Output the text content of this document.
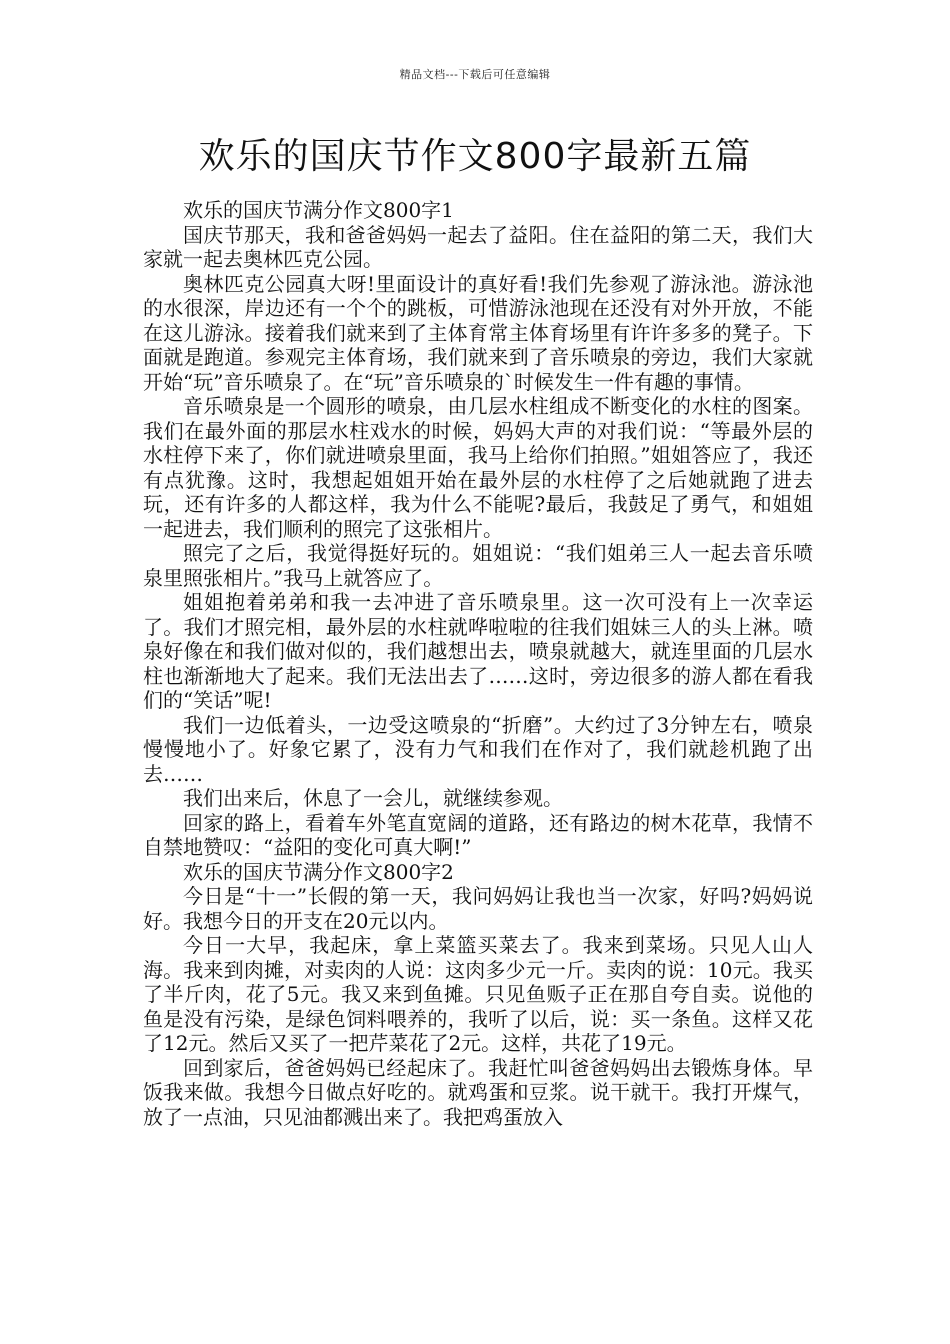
精品文档---下载后可任意编辑
欢乐的国庆节作文800字最新五篇

欢乐的国庆节满分作文800字1

国庆节那天，我和爸爸妈妈一起去了益阳。住在益阳的第二天，我们大家就一起去奥林匹克公园。

奥林匹克公园真大呀!里面设计的真好看!我们先参观了游泳池。游泳池的水很深，岸边还有一个个的跳板，可惜游泳池现在还没有对外开放，不能在这儿游泳。接着我们就来到了主体育常主体育场里有许许多多的凳子。下面就是跑道。参观完主体育场，我们就来到了音乐喷泉的旁边，我们大家就开始“玩”音乐喷泉了。在“玩”音乐喷泉的`时候发生一件有趣的事情。

音乐喷泉是一个圆形的喷泉，由几层水柱组成不断变化的水柱的图案。我们在最外面的那层水柱戏水的时候，妈妈大声的对我们说：“等最外层的水柱停下来了，你们就进喷泉里面，我马上给你们拍照。”姐姐答应了，我还有点犹豫。这时，我想起姐姐开始在最外层的水柱停了之后她就跑了进去玩，还有许多的人都这样，我为什么不能呢?最后，我鼓足了勇气，和姐姐一起进去，我们顺利的照完了这张相片。

照完了之后，我觉得挺好玩的。姐姐说：“我们姐弟三人一起去音乐喷泉里照张相片。”我马上就答应了。

姐姐抱着弟弟和我一去冲进了音乐喷泉里。这一次可没有上一次幸运了。我们才照完相，最外层的水柱就哗啦啦的往我们姐妹三人的头上淋。喷泉好像在和我们做对似的，我们越想出去，喷泉就越大，就连里面的几层水柱也渐渐地大了起来。我们无法出去了……这时，旁边很多的游人都在看我们的“笑话”呢!

我们一边低着头，一边受这喷泉的“折磨”。大约过了3分钟左右，喷泉慢慢地小了。好象它累了，没有力气和我们在作对了，我们就趁机跑了出去……

我们出来后，休息了一会儿，就继续参观。

回家的路上，看着车外笔直宽阔的道路，还有路边的树木花草，我情不自禁地赞叹：“益阳的变化可真大啊!”

欢乐的国庆节满分作文800字2

今日是“十一”长假的第一天，我问妈妈让我也当一次家，好吗?妈妈说好。我想今日的开支在20元以内。

今日一大早，我起床，拿上菜篮买菜去了。我来到菜场。只见人山人海。我来到肉摊，对卖肉的人说：这肉多少元一斤。卖肉的说：10元。我买了半斤肉，花了5元。我又来到鱼摊。只见鱼贩子正在那自夸自卖。说他的鱼是没有污染，是绿色饲料喂养的，我听了以后，说：买一条鱼。这样又花了12元。然后又买了一把芹菜花了2元。这样，共花了19元。

回到家后，爸爸妈妈已经起床了。我赶忙叫爸爸妈妈出去锻炼身体。早饭我来做。我想今日做点好吃的。就鸡蛋和豆浆。说干就干。我打开煤气，放了一点油，只见油都溅出来了。我把鸡蛋放入
